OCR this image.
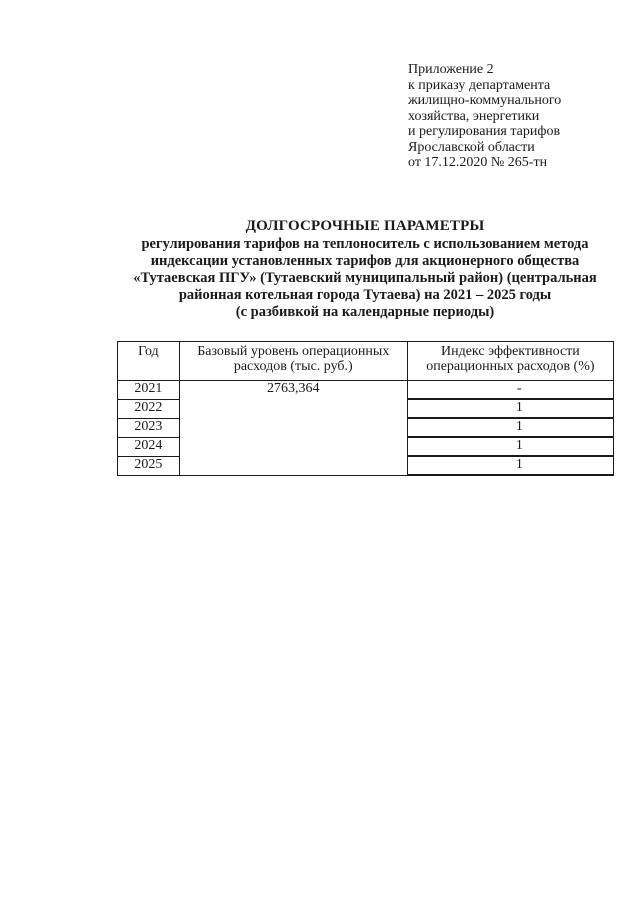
Приложение 2
к приказу департамента
жилищно-коммунального
хозяйства, энергетики
и регулирования тарифов
Ярославской области
от 17.12.2020 № 265-тн
ДОЛГОСРОЧНЫЕ ПАРАМЕТРЫ
регулирования тарифов на теплоноситель с использованием метода
индексации установленных тарифов для акционерного общества
«Тутаевская ПГУ» (Тутаевский муниципальный район) (центральная
районная котельная города Тутаева) на 2021 – 2025 годы
(с разбивкой на календарные периоды)
Год	Базовый уровень операционных расходов (тыс. руб.)	Индекс эффективности операционных расходов (%)
2021	2763,364	-
2022		1
2023		1
2024		1
2025		1
